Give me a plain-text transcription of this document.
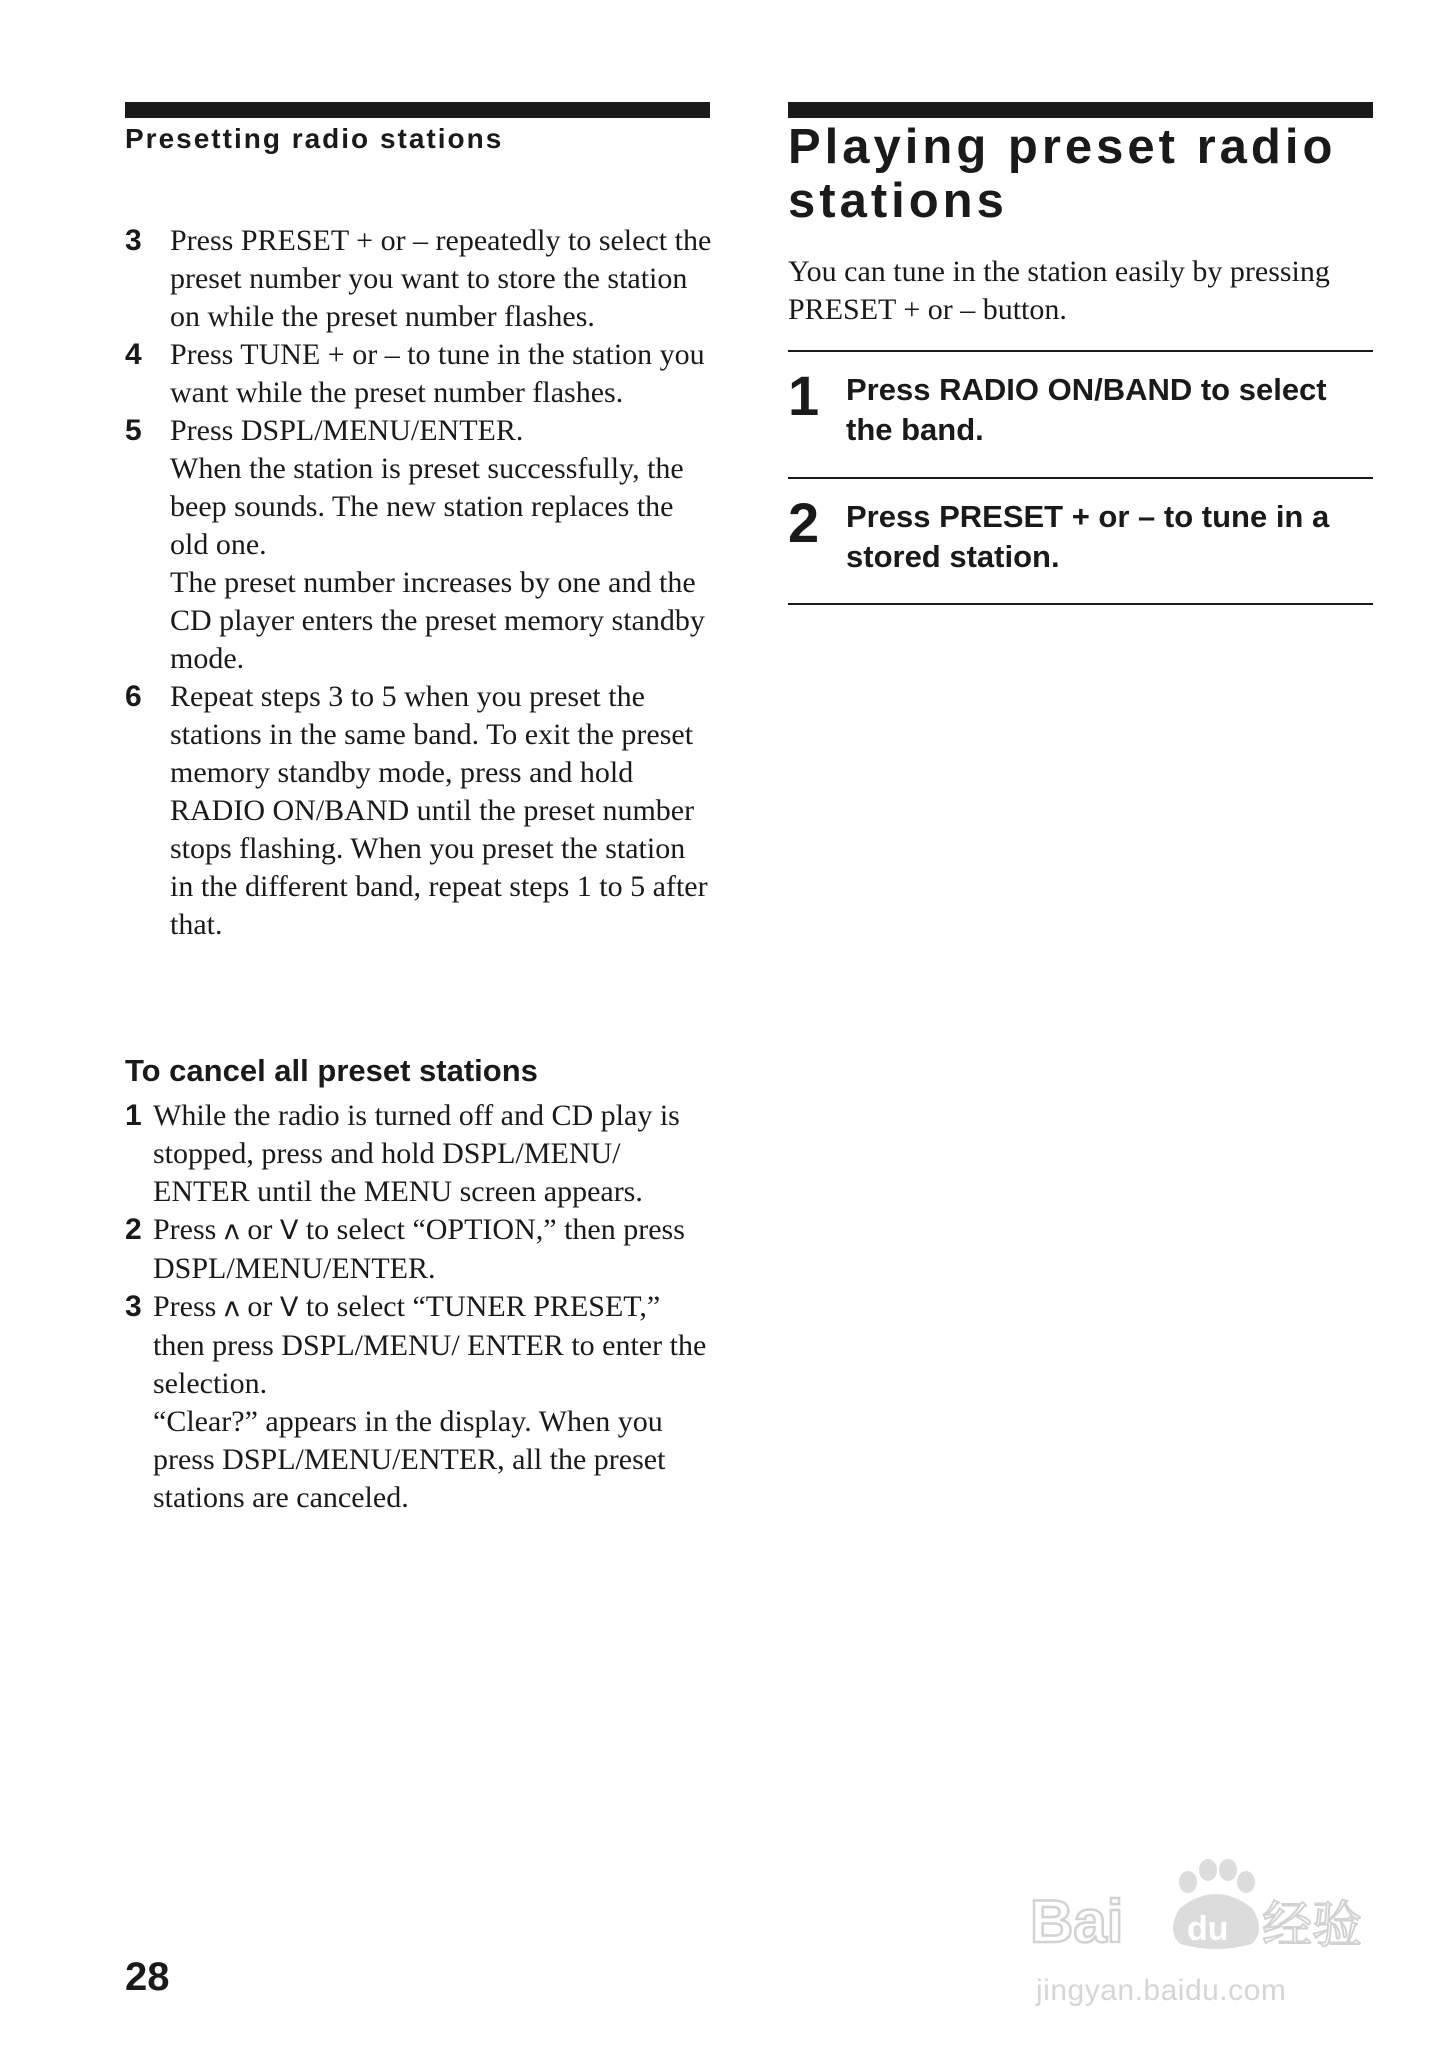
Presetting radio stations
3 Press PRESET + or – repeatedly to select the preset number you want to store the station on while the preset number flashes.
4 Press TUNE + or – to tune in the station you want while the preset number flashes.
5 Press DSPL/MENU/ENTER.
When the station is preset successfully, the beep sounds. The new station replaces the old one.
The preset number increases by one and the CD player enters the preset memory standby mode.
6 Repeat steps 3 to 5 when you preset the stations in the same band. To exit the preset memory standby mode, press and hold RADIO ON/BAND until the preset number stops flashing. When you preset the station in the different band, repeat steps 1 to 5 after that.
To cancel all preset stations
1 While the radio is turned off and CD play is stopped, press and hold DSPL/MENU/ ENTER until the MENU screen appears.
2 Press ʌ or V to select “OPTION,” then press DSPL/MENU/ENTER.
3 Press ʌ or V to select “TUNER PRESET,” then press DSPL/MENU/ ENTER to enter the selection.
“Clear?” appears in the display. When you press DSPL/MENU/ENTER, all the preset stations are canceled.
28
Playing preset radio stations
You can tune in the station easily by pressing PRESET + or – button.
1 Press RADIO ON/BAND to select the band.
2 Press PRESET + or – to tune in a stored station.
Bai du 经验
jingyan.baidu.com
